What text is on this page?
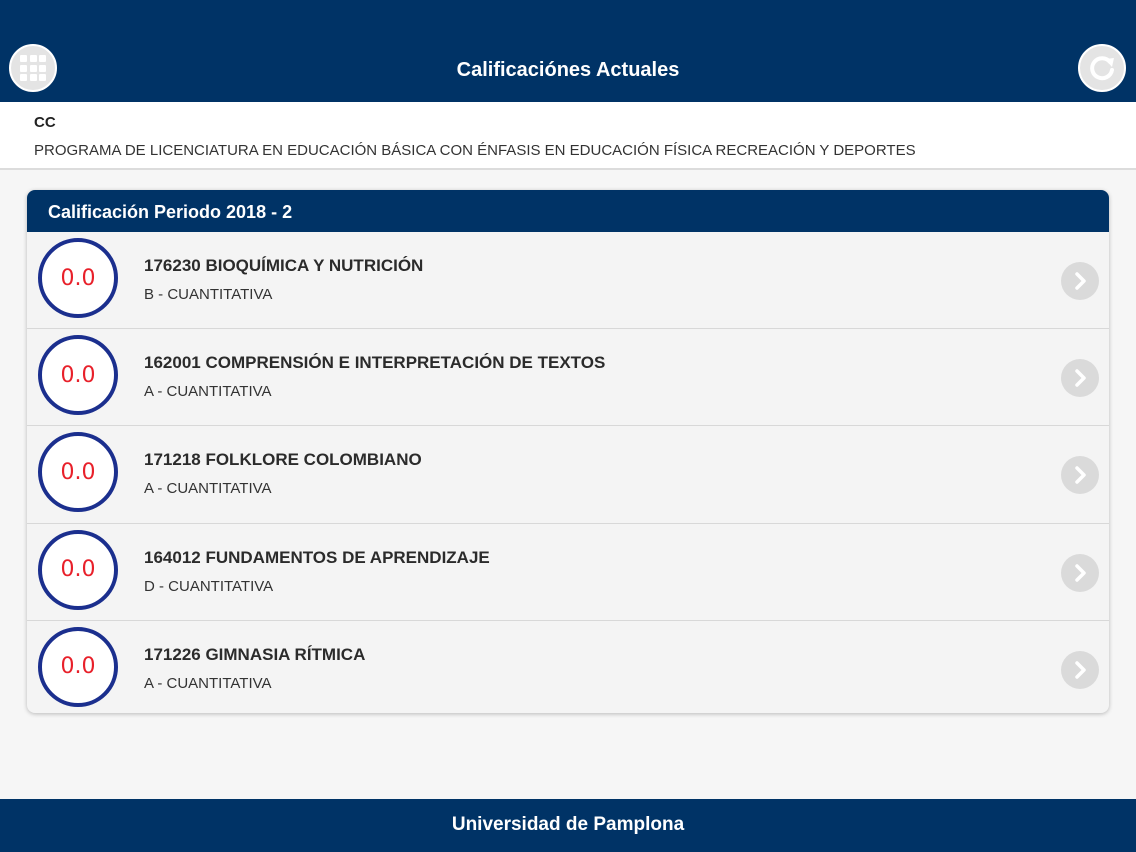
Calificaciónes Actuales
CC
PROGRAMA DE LICENCIATURA EN EDUCACIÓN BÁSICA CON ÉNFASIS EN EDUCACIÓN FÍSICA RECREACIÓN Y DEPORTES
Calificación Periodo 2018 - 2
0.0	176230 BIOQUÍMICA Y NUTRICIÓN
B - CUANTITATIVA
0.0	162001 COMPRENSIÓN E INTERPRETACIÓN DE TEXTOS
A - CUANTITATIVA
0.0	171218 FOLKLORE COLOMBIANO
A - CUANTITATIVA
0.0	164012 FUNDAMENTOS DE APRENDIZAJE
D - CUANTITATIVA
0.0	171226 GIMNASIA RÍTMICA
A - CUANTITATIVA
Universidad de Pamplona
